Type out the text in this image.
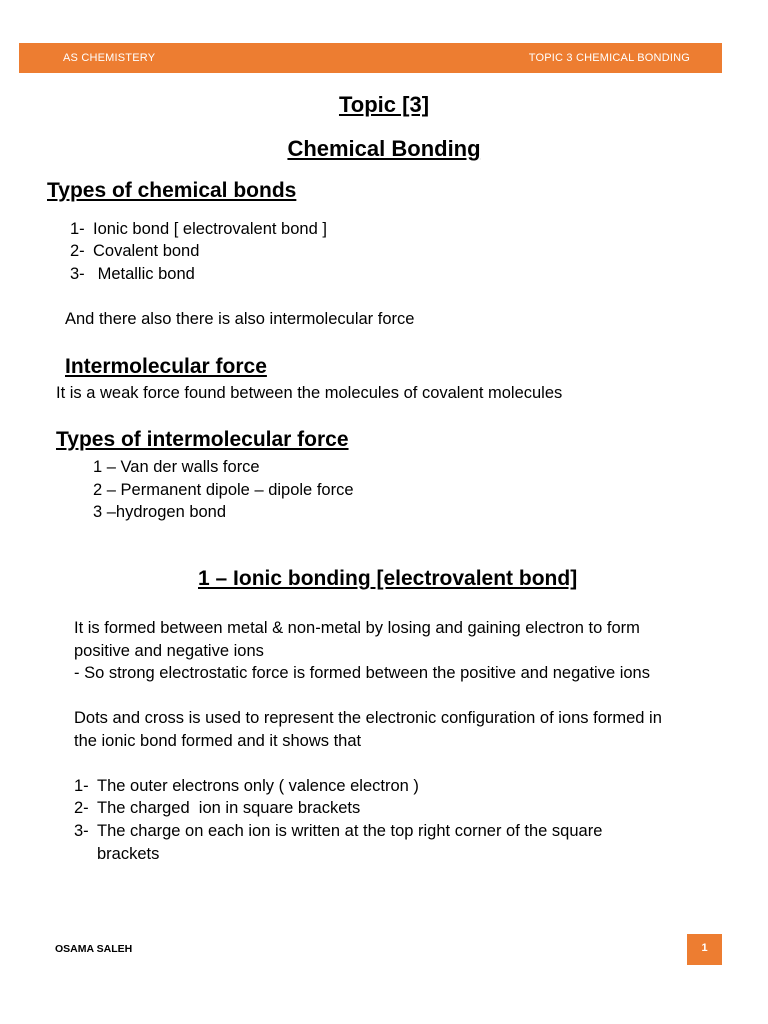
AS CHEMISTERY	TOPIC 3 CHEMICAL BONDING
Topic [3]
Chemical Bonding
Types of chemical bonds
1- Ionic bond [ electrovalent bond ]
2- Covalent bond
3- Metallic bond
And there also there is also intermolecular force
Intermolecular force
It is a weak force found between the molecules of covalent molecules
Types of intermolecular force
1 – Van der walls force
2 – Permanent dipole – dipole force
3 –hydrogen bond
1 – Ionic bonding [electrovalent bond]
It is formed between metal & non-metal by losing and gaining electron to form
positive and negative ions
- So strong electrostatic force is formed between the positive and negative ions
Dots and cross is used to represent the electronic configuration of ions formed in
the ionic bond formed and it shows that
1- The outer electrons only ( valence electron )
2- The charged  ion in square brackets
3- The charge on each ion is written at the top right corner of the square
brackets
OSAMA SALEH	1
